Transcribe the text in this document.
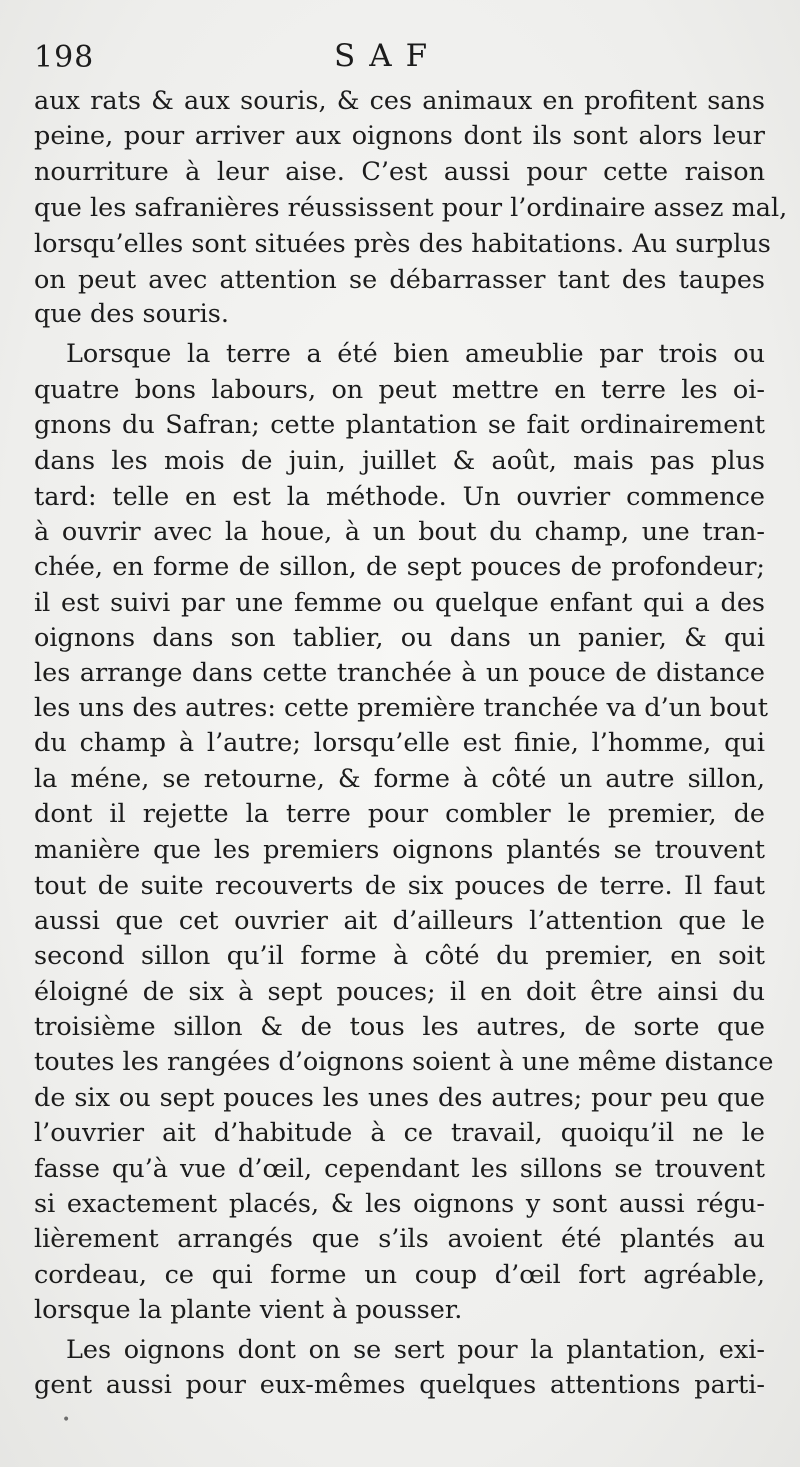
198	SAF
aux rats & aux souris, & ces animaux en profitent sans
peine, pour arriver aux oignons dont ils sont alors leur
nourriture à leur aise. C’est aussi pour cette raison
que les safranières réussissent pour l’ordinaire assez mal,
lorsqu’elles sont situées près des habitations. Au surplus
on peut avec attention se débarrasser tant des taupes
que des souris.
Lorsque la terre a été bien ameublie par trois ou
quatre bons labours, on peut mettre en terre les oi-
gnons du Safran; cette plantation se fait ordinairement
dans les mois de juin, juillet & août, mais pas plus
tard: telle en est la méthode. Un ouvrier commence
à ouvrir avec la houe, à un bout du champ, une tran-
chée, en forme de sillon, de sept pouces de profondeur;
il est suivi par une femme ou quelque enfant qui a des
oignons dans son tablier, ou dans un panier, & qui
les arrange dans cette tranchée à un pouce de distance
les uns des autres: cette première tranchée va d’un bout
du champ à l’autre; lorsqu’elle est finie, l’homme, qui
la méne, se retourne, & forme à côté un autre sillon,
dont il rejette la terre pour combler le premier, de
manière que les premiers oignons plantés se trouvent
tout de suite recouverts de six pouces de terre. Il faut
aussi que cet ouvrier ait d’ailleurs l’attention que le
second sillon qu’il forme à côté du premier, en soit
éloigné de six à sept pouces; il en doit être ainsi du
troisième sillon & de tous les autres, de sorte que
toutes les rangées d’oignons soient à une même distance
de six ou sept pouces les unes des autres; pour peu que
l’ouvrier ait d’habitude à ce travail, quoiqu’il ne le
fasse qu’à vue d’œil, cependant les sillons se trouvent
si exactement placés, & les oignons y sont aussi régu-
lièrement arrangés que s’ils avoient été plantés au
cordeau, ce qui forme un coup d’œil fort agréable,
lorsque la plante vient à pousser.
Les oignons dont on se sert pour la plantation, exi-
gent aussi pour eux-mêmes quelques attentions parti-
•
